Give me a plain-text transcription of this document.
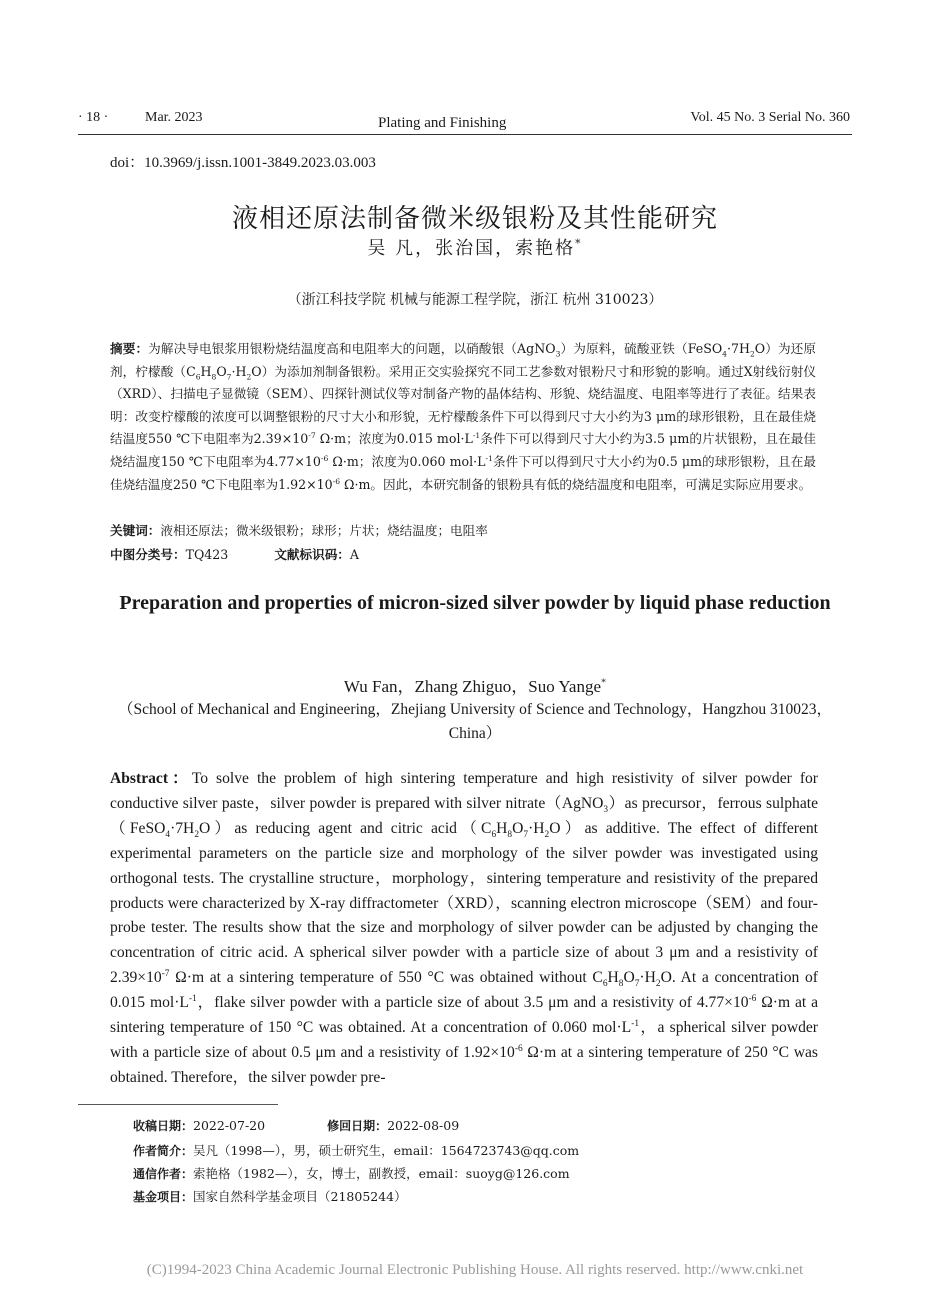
· 18 ·	Mar. 2023	Plating and Finishing	Vol. 45 No. 3 Serial No. 360
doi：10.3969/j.issn.1001-3849.2023.03.003
液相还原法制备微米级银粉及其性能研究
吴 凡，张治国，索艳格*
（浙江科技学院 机械与能源工程学院，浙江 杭州 310023）
摘要：为解决导电银浆用银粉烧结温度高和电阻率大的问题，以硝酸银（AgNO$_3$）为原料，硫酸亚铁$(FeSO_4\cdot 7H_2O)$为还原剂，柠檬酸$(C_6H_8O_7\cdot H_2O)$为添加剂制备银粉。采用正交实验探究不同工艺参数对银粉尺寸和形貌的影响。通过X射线衍射仪（XRD）、扫描电子显微镜（SEM）、四探针测试仪等对制备产物的晶体结构、形貌、烧结温度、电阻率等进行了表征。结果表明：改变柠檬酸的浓度可以调整银粉的尺寸大小和形貌，无柠檬酸条件下可以得到尺寸大小约为3 μm的球形银粉，且在最佳烧结温度550 ℃下电阻率为$2.39\times 10^{-7}$ Ω·m；浓度为0.015 $mol\cdot L^{-1}$条件下可以得到尺寸大小约为3.5 μm的片状银粉，且在最佳烧结温度150 ℃下电阻率为$4.77\times 10^{-6}$ Ω·m；浓度为0.060 $mol\cdot L^{-1}$条件下可以得到尺寸大小约为0.5 μm的球形银粉，且在最佳烧结温度250 ℃下电阻率为$1.92\times 10^{-6}$ Ω·m。因此，本研究制备的银粉具有低的烧结温度和电阻率，可满足实际应用要求。
关键词：液相还原法；微米级银粉；球形；片状；烧结温度；电阻率
中图分类号：TQ423	文献标识码：A
Preparation and properties of micron-sized silver powder by liquid phase reduction
Wu Fan，Zhang Zhiguo，Suo Yange*
（School of Mechanical and Engineering，Zhejiang University of Science and Technology，Hangzhou 310023，China）
Abstract：To solve the problem of high sintering temperature and high resistivity of silver powder for conductive silver paste，silver powder is prepared with silver nitrate（AgNO$_3$）as precursor，ferrous $sulphate(FeSO_4\cdot 7H_2O)as$ reducing agent and citric $acid(C_6H_8O_7\cdot H_2O)as$ additive. The effect of different experimental parameters on the particle size and morphology of the silver powder was investigated using orthogonal tests. The crystalline structure，morphology，sintering temperature and resistivity of the prepared products were characterized by X-ray diffractometer（XRD），scanning electron microscope（SEM）and four-probe tester. The results show that the size and morphology of silver powder can be adjusted by changing the concentration of citric acid. A spherical silver powder with a particle size of about 3 μm and a resistivity of $2.39\times 10^{-7}$ Ω·m at a sintering temperature of 550 °C was obtained without $C_6H_8O_7\cdot H_2O$. At a concentration of 0.015 $mol\cdot L^{-1}$，flake silver powder with a particle size of about 3.5 μm and a resistivity of $4.77\times 10^{-6}$ Ω·m at a sintering temperature of 150 °C was obtained. At a concentration of 0.060 $mol\cdot L^{-1}$，a spherical silver powder with a particle size of about 0.5 μm and a resistivity of $1.92\times 10^{-6}$ Ω·m at a sintering temperature of 250 °C was obtained. Therefore，the silver powder pre-
收稿日期：2022-07-20	修回日期：2022-08-09
作者简介：吴凡（1998—），男，硕士研究生，email：1564723743@qq.com
通信作者：索艳格（1982—），女，博士，副教授，email：suoyg@126.com
基金项目：国家自然科学基金项目（21805244）
(C)1994-2023 China Academic Journal Electronic Publishing House. All rights reserved. http://www.cnki.net
